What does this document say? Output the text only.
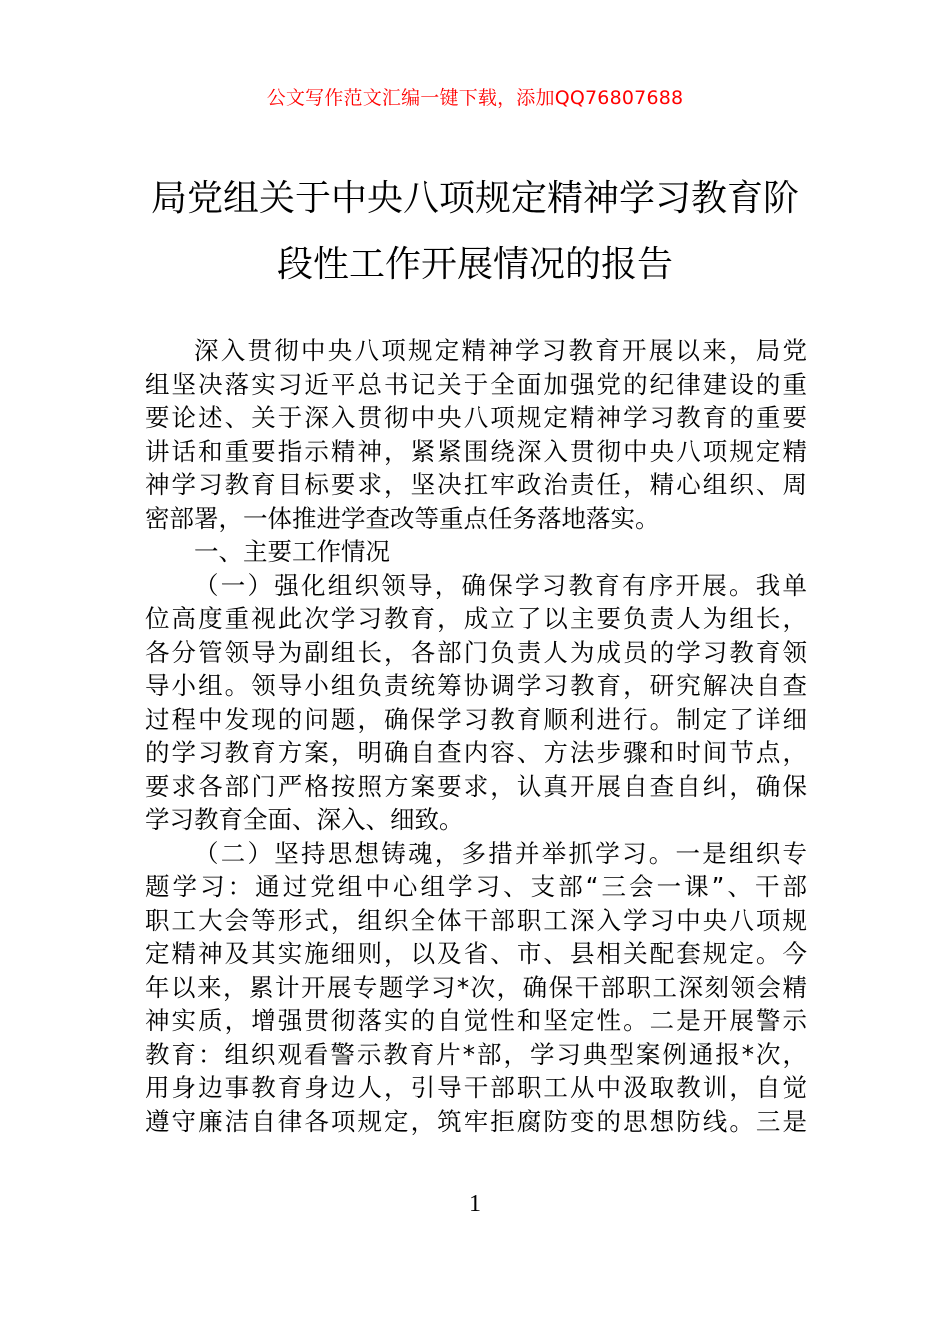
公文写作范文汇编一键下载，添加QQ76807688
局党组关于中央八项规定精神学习教育阶
段性工作开展情况的报告
深入贯彻中央八项规定精神学习教育开展以来，局党
组坚决落实习近平总书记关于全面加强党的纪律建设的重
要论述、关于深入贯彻中央八项规定精神学习教育的重要
讲话和重要指示精神，紧紧围绕深入贯彻中央八项规定精
神学习教育目标要求，坚决扛牢政治责任，精心组织、周
密部署，一体推进学查改等重点任务落地落实。
一、主要工作情况
（一）强化组织领导，确保学习教育有序开展。我单
位高度重视此次学习教育，成立了以主要负责人为组长，
各分管领导为副组长，各部门负责人为成员的学习教育领
导小组。领导小组负责统筹协调学习教育，研究解决自查
过程中发现的问题，确保学习教育顺利进行。制定了详细
的学习教育方案，明确自查内容、方法步骤和时间节点，
要求各部门严格按照方案要求，认真开展自查自纠，确保
学习教育全面、深入、细致。
（二）坚持思想铸魂，多措并举抓学习。一是组织专
题学习：通过党组中心组学习、支部“三会一课”、干部
职工大会等形式，组织全体干部职工深入学习中央八项规
定精神及其实施细则，以及省、市、县相关配套规定。今
年以来，累计开展专题学习*次，确保干部职工深刻领会精
神实质，增强贯彻落实的自觉性和坚定性。二是开展警示
教育：组织观看警示教育片*部，学习典型案例通报*次，
用身边事教育身边人，引导干部职工从中汲取教训，自觉
遵守廉洁自律各项规定，筑牢拒腐防变的思想防线。三是
1
